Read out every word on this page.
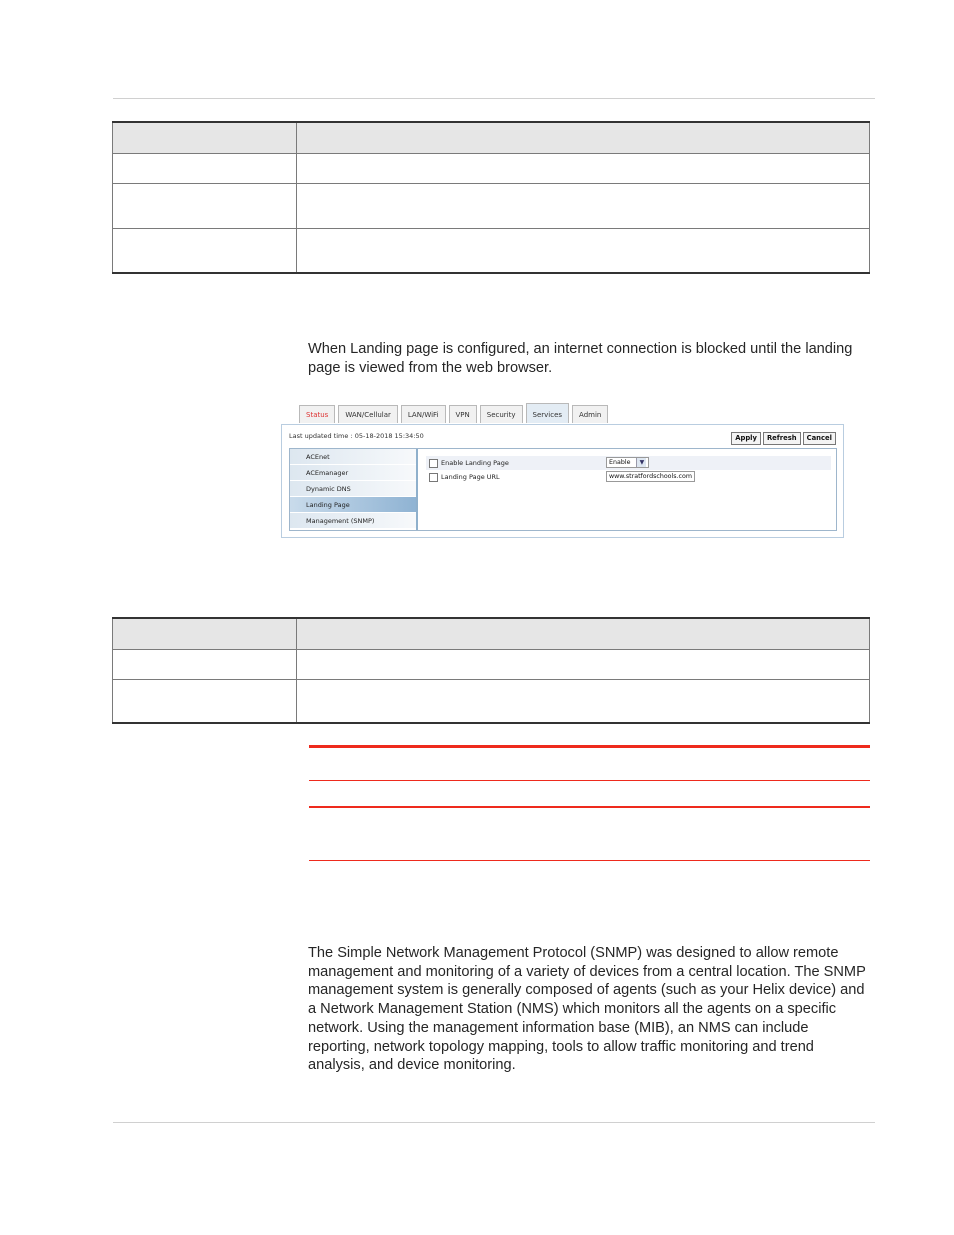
When Landing page is configured, an internet connection is blocked until the landing page is viewed from the web browser.

Status	WAN/Cellular	LAN/WiFi	VPN	Security	Services	Admin
Last updated time : 05-18-2018 15:34:50	Apply	Refresh	Cancel
ACEnet
ACEmanager
Dynamic DNS
Landing Page
Management (SNMP)
Enable Landing Page	Enable ▼
Landing Page URL	www.stratfordschools.com

The Simple Network Management Protocol (SNMP) was designed to allow remote management and monitoring of a variety of devices from a central location. The SNMP management system is generally composed of agents (such as your Helix device) and a Network Management Station (NMS) which monitors all the agents on a specific network. Using the management information base (MIB), an NMS can include reporting, network topology mapping, tools to allow traffic monitoring and trend analysis, and device monitoring.
